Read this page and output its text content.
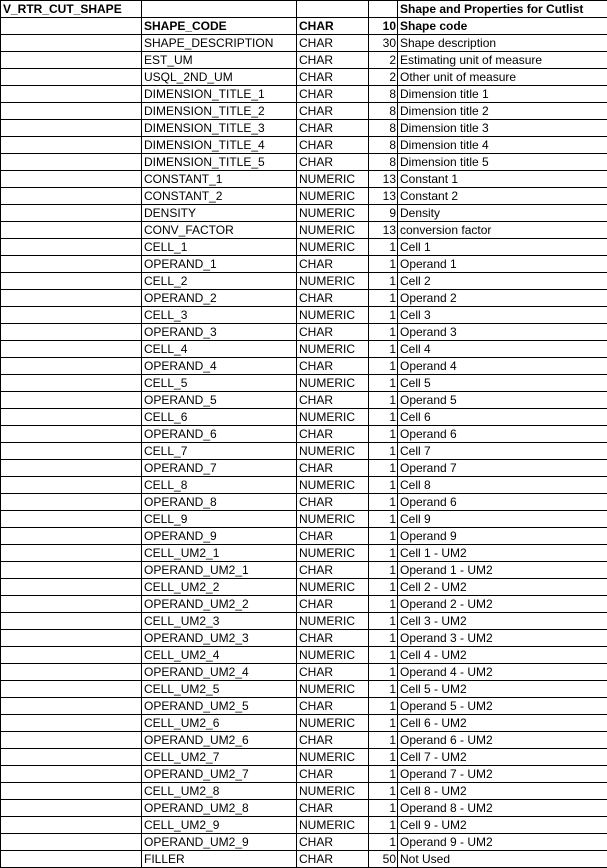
V_RTR_CUT_SHAPE				Shape and Properties for Cutlist
	SHAPE_CODE	CHAR	10	Shape code
	SHAPE_DESCRIPTION	CHAR	30	Shape description
	EST_UM	CHAR	2	Estimating unit of measure
	USQL_2ND_UM	CHAR	2	Other unit of measure
	DIMENSION_TITLE_1	CHAR	8	Dimension title 1
	DIMENSION_TITLE_2	CHAR	8	Dimension title 2
	DIMENSION_TITLE_3	CHAR	8	Dimension title 3
	DIMENSION_TITLE_4	CHAR	8	Dimension title 4
	DIMENSION_TITLE_5	CHAR	8	Dimension title 5
	CONSTANT_1	NUMERIC	13	Constant 1
	CONSTANT_2	NUMERIC	13	Constant 2
	DENSITY	NUMERIC	9	Density
	CONV_FACTOR	NUMERIC	13	conversion factor
	CELL_1	NUMERIC	1	Cell 1
	OPERAND_1	CHAR	1	Operand 1
	CELL_2	NUMERIC	1	Cell 2
	OPERAND_2	CHAR	1	Operand 2
	CELL_3	NUMERIC	1	Cell 3
	OPERAND_3	CHAR	1	Operand 3
	CELL_4	NUMERIC	1	Cell 4
	OPERAND_4	CHAR	1	Operand 4
	CELL_5	NUMERIC	1	Cell 5
	OPERAND_5	CHAR	1	Operand 5
	CELL_6	NUMERIC	1	Cell 6
	OPERAND_6	CHAR	1	Operand 6
	CELL_7	NUMERIC	1	Cell 7
	OPERAND_7	CHAR	1	Operand 7
	CELL_8	NUMERIC	1	Cell 8
	OPERAND_8	CHAR	1	Operand 6
	CELL_9	NUMERIC	1	Cell 9
	OPERAND_9	CHAR	1	Operand 9
	CELL_UM2_1	NUMERIC	1	Cell 1 - UM2
	OPERAND_UM2_1	CHAR	1	Operand 1 - UM2
	CELL_UM2_2	NUMERIC	1	Cell 2 - UM2
	OPERAND_UM2_2	CHAR	1	Operand 2 - UM2
	CELL_UM2_3	NUMERIC	1	Cell 3 - UM2
	OPERAND_UM2_3	CHAR	1	Operand 3 - UM2
	CELL_UM2_4	NUMERIC	1	Cell 4 - UM2
	OPERAND_UM2_4	CHAR	1	Operand 4 - UM2
	CELL_UM2_5	NUMERIC	1	Cell 5 - UM2
	OPERAND_UM2_5	CHAR	1	Operand 5 - UM2
	CELL_UM2_6	NUMERIC	1	Cell 6 - UM2
	OPERAND_UM2_6	CHAR	1	Operand 6 - UM2
	CELL_UM2_7	NUMERIC	1	Cell 7 - UM2
	OPERAND_UM2_7	CHAR	1	Operand 7 - UM2
	CELL_UM2_8	NUMERIC	1	Cell 8 - UM2
	OPERAND_UM2_8	CHAR	1	Operand 8 - UM2
	CELL_UM2_9	NUMERIC	1	Cell 9 - UM2
	OPERAND_UM2_9	CHAR	1	Operand 9 - UM2
	FILLER	CHAR	50	Not Used
